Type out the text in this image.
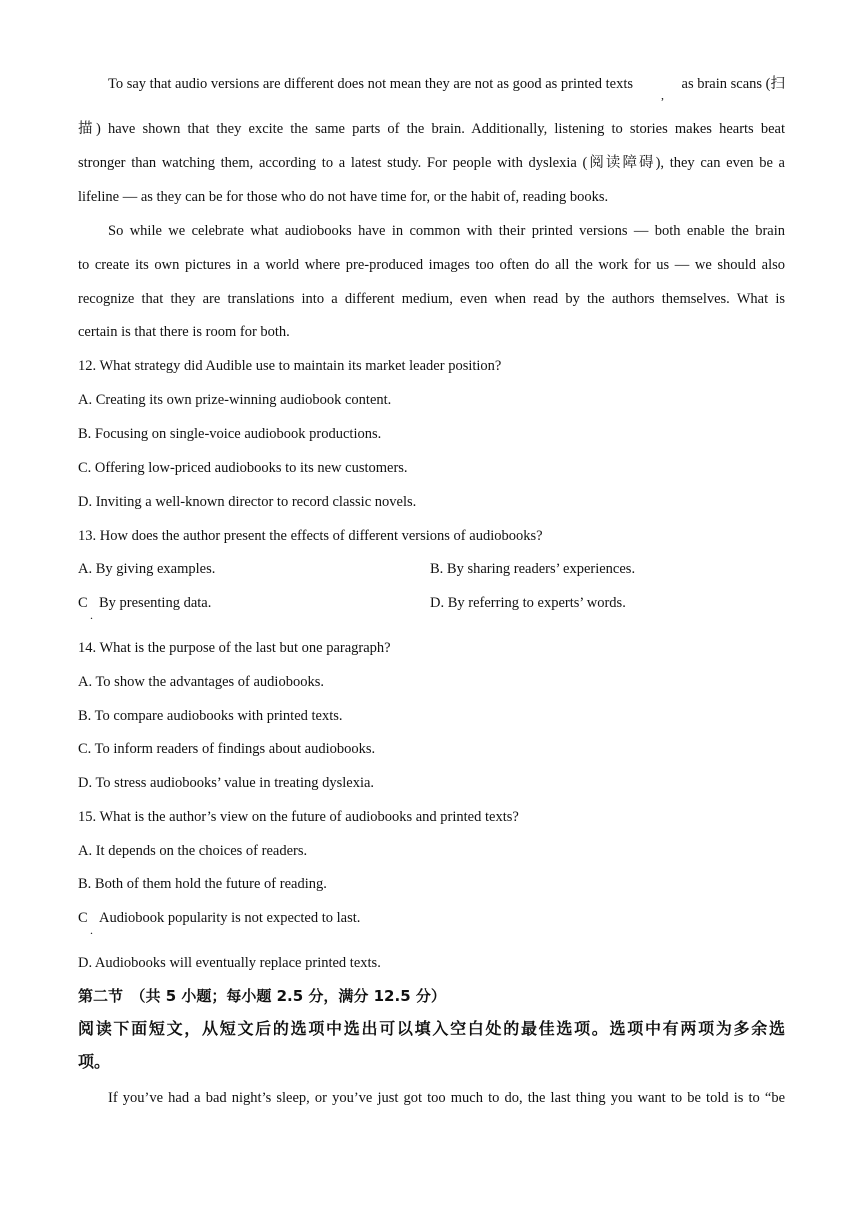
To say that audio versions are different does not mean they are not as good as printed texts
,
as brain scans (扫
描) have shown that they excite the same parts of the brain. Additionally, listening to stories makes hearts beat
stronger than watching them, according to a latest study. For people with dyslexia (阅读障碍), they can even be a
lifeline — as they can be for those who do not have time for, or the habit of, reading books.
So while we celebrate what audiobooks have in common with their printed versions — both enable the brain
to create its own pictures in a world where pre-produced images too often do all the work for us — we should also
recognize that they are translations into a different medium, even when read by the authors themselves. What is
certain is that there is room for both.
12. What strategy did Audible use to maintain its market leader position?
A. Creating its own prize-winning audiobook content.
B. Focusing on single-voice audiobook productions.
C. Offering low-priced audiobooks to its new customers.
D. Inviting a well-known director to record classic novels.
13. How does the author present the effects of different versions of audiobooks?
A. By giving examples.	B. By sharing readers’ experiences.
C
.
By presenting data.	D. By referring to experts’ words.
14. What is the purpose of the last but one paragraph?
A. To show the advantages of audiobooks.
B. To compare audiobooks with printed texts.
C. To inform readers of findings about audiobooks.
D. To stress audiobooks’ value in treating dyslexia.
15. What is the author’s view on the future of audiobooks and printed texts?
A. It depends on the choices of readers.
B. Both of them hold the future of reading.
C
.
Audiobook popularity is not expected to last.
D. Audiobooks will eventually replace printed texts.
第二节　（共 5 小题；每小题 2.5 分，满分 12.5 分）
阅读下面短文，从短文后的选项中选出可以填入空白处的最佳选项。选项中有两项为多余选
项。
If you’ve had a bad night’s sleep, or you’ve just got too much to do, the last thing you want to be told is to “be
